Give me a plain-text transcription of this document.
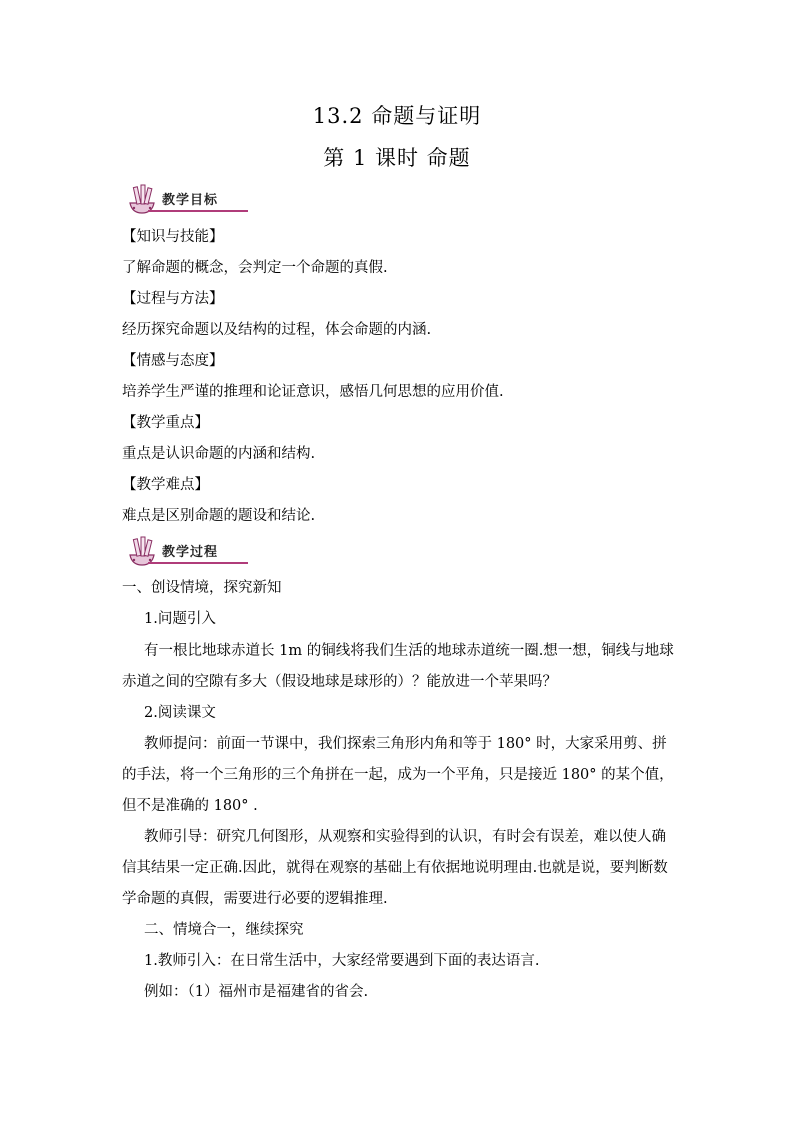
13.2 命题与证明
第 1 课时 命题
教学目标
【知识与技能】
了解命题的概念，会判定一个命题的真假.
【过程与方法】
经历探究命题以及结构的过程，体会命题的内涵.
【情感与态度】
培养学生严谨的推理和论证意识，感悟几何思想的应用价值.
【教学重点】
重点是认识命题的内涵和结构.
【教学难点】
难点是区别命题的题设和结论.
教学过程
一、创设情境，探究新知
1.问题引入
有一根比地球赤道长 1m 的铜线将我们生活的地球赤道统一圈.想一想，铜线与地球
赤道之间的空隙有多大（假设地球是球形的）？能放进一个苹果吗？
2.阅读课文
教师提问：前面一节课中，我们探索三角形内角和等于 180° 时，大家采用剪、拼
的手法，将一个三角形的三个角拼在一起，成为一个平角，只是接近 180° 的某个值，
但不是准确的 180° .
教师引导：研究几何图形，从观察和实验得到的认识，有时会有误差，难以使人确
信其结果一定正确.因此，就得在观察的基础上有依据地说明理由.也就是说，要判断数
学命题的真假，需要进行必要的逻辑推理.
二、情境合一，继续探究
1.教师引入：在日常生活中，大家经常要遇到下面的表达语言.
例如：（1）福州市是福建省的省会.
